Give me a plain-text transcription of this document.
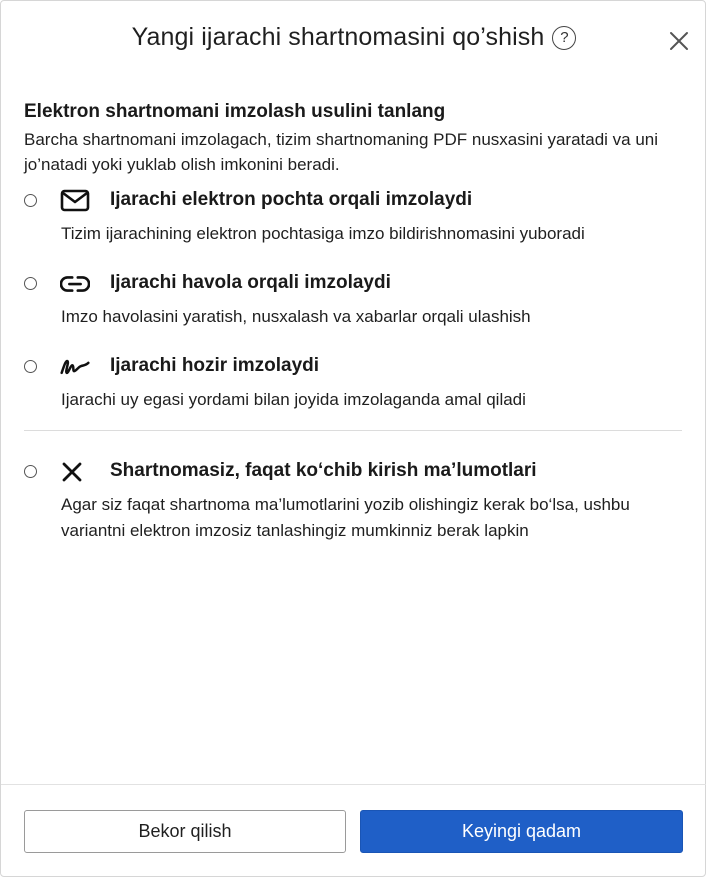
Yangi ijarachi shartnomasini qo’shish	?
Elektron shartnomani imzolash usulini tanlang
Barcha shartnomani imzolagach, tizim shartnomaning PDF nusxasini yaratadi va uni jo’natadi yoki yuklab olish imkonini beradi.
Ijarachi elektron pochta orqali imzolaydi
Tizim ijarachining elektron pochtasiga imzo bildirishnomasini yuboradi
Ijarachi havola orqali imzolaydi
Imzo havolasini yaratish, nusxalash va xabarlar orqali ulashish
Ijarachi hozir imzolaydi
Ijarachi uy egasi yordami bilan joyida imzolaganda amal qiladi
Shartnomasiz, faqat ko‘chib kirish ma’lumotlari
Agar siz faqat shartnoma ma’lumotlarini yozib olishingiz kerak bo‘lsa, ushbu variantni elektron imzosiz tanlashingiz mumkinniz berak lapkin
Bekor qilish	Keyingi qadam
